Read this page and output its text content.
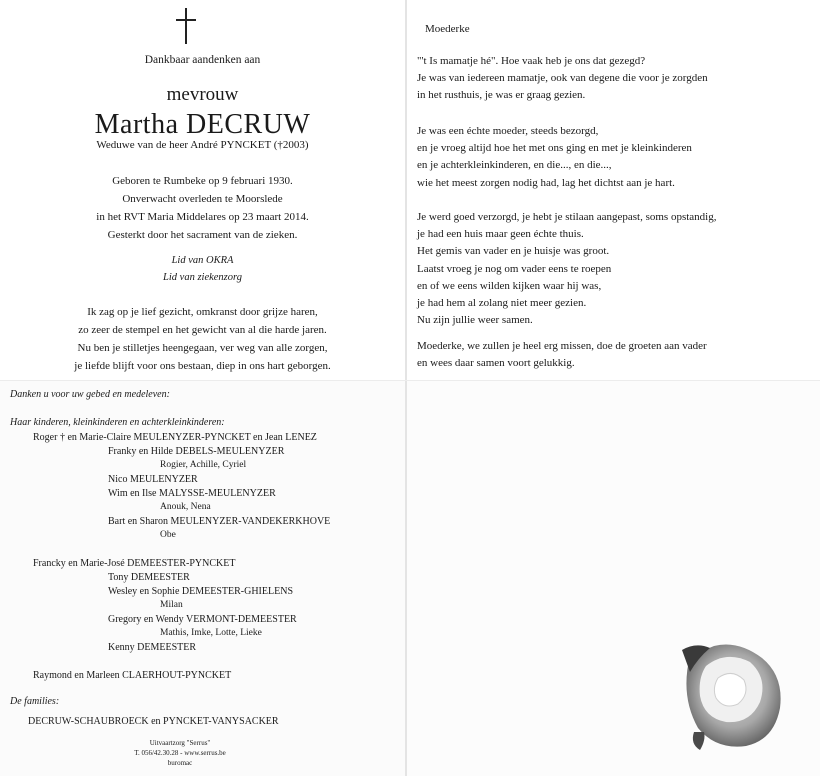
Dankbaar aandenken aan
mevrouw
Martha DECRUW
Weduwe van de heer André PYNCKET (†2003)
Geboren te Rumbeke op 9 februari 1930.
Onverwacht overleden te Moorslede
in het RVT Maria Middelares op 23 maart 2014.
Gesterkt door het sacrament van de zieken.
Lid van OKRA
Lid van ziekenzorg
Ik zag op je lief gezicht, omkranst door grijze haren,
zo zeer de stempel en het gewicht van al die harde jaren.
Nu ben je stilletjes heengegaan, ver weg van alle zorgen,
je liefde blijft voor ons bestaan, diep in ons hart geborgen.
Moederke
"'t Is mamatje hé". Hoe vaak heb je ons dat gezegd?
Je was van iedereen mamatje, ook van degene die voor je zorgden
in het rusthuis, je was er graag gezien.
Je was een échte moeder, steeds bezorgd,
en je vroeg altijd hoe het met ons ging en met je kleinkinderen
en je achterkleinkinderen, en die..., en die...,
wie het meest zorgen nodig had, lag het dichtst aan je hart.
Je werd goed verzorgd, je hebt je stilaan aangepast, soms opstandig,
je had een huis maar geen échte thuis.
Het gemis van vader en je huisje was groot.
Laatst vroeg je nog om vader eens te roepen
en of we eens wilden kijken waar hij was,
je had hem al zolang niet meer gezien.
Nu zijn jullie weer samen.
Moederke, we zullen je heel erg missen, doe de groeten aan vader
en wees daar samen voort gelukkig.
Danken u voor uw gebed en medeleven:
Haar kinderen, kleinkinderen en achterkleinkinderen:
Roger † en Marie-Claire MEULENYZER-PYNCKET en Jean LENEZ
Franky en Hilde DEBELS-MEULENYZER
Rogier, Achille, Cyriel
Nico MEULENYZER
Wim en Ilse MALYSSE-MEULENYZER
Anouk, Nena
Bart en Sharon MEULENYZER-VANDEKERKHOVE
Obe
Francky en Marie-José DEMEESTER-PYNCKET
Tony DEMEESTER
Wesley en Sophie DEMEESTER-GHIELENS
Milan
Gregory en Wendy VERMONT-DEMEESTER
Mathis, Imke, Lotte, Lieke
Kenny DEMEESTER
Raymond en Marleen CLAERHOUT-PYNCKET
De families:
DECRUW-SCHAUBROECK en PYNCKET-VANYSACKER
Uitvaartzorg "Serrus"
T. 056/42.30.28 - www.serrus.be
buromac
